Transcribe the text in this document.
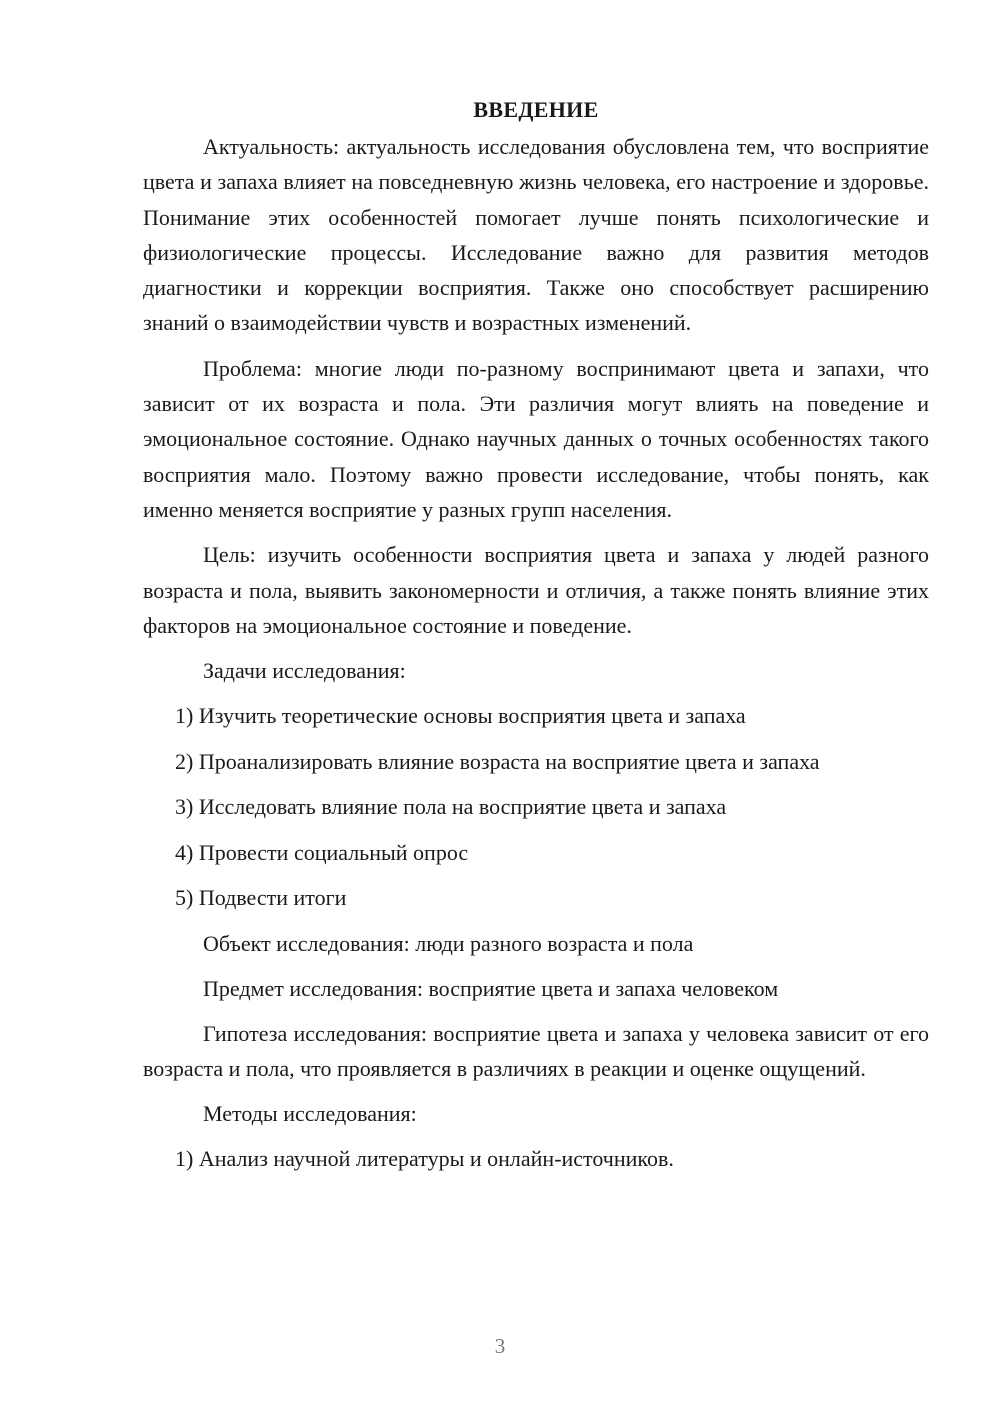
ВВЕДЕНИЕ

Актуальность: актуальность исследования обусловлена тем, что восприятие цвета и запаха влияет на повседневную жизнь человека, его настроение и здоровье. Понимание этих особенностей помогает лучше понять психологические и физиологические процессы. Исследование важно для развития методов диагностики и коррекции восприятия. Также оно способствует расширению знаний о взаимодействии чувств и возрастных изменений.

Проблема: многие люди по-разному воспринимают цвета и запахи, что зависит от их возраста и пола. Эти различия могут влиять на поведение и эмоциональное состояние. Однако научных данных о точных особенностях такого восприятия мало. Поэтому важно провести исследование, чтобы понять, как именно меняется восприятие у разных групп населения.

Цель: изучить особенности восприятия цвета и запаха у людей разного возраста и пола, выявить закономерности и отличия, а также понять влияние этих факторов на эмоциональное состояние и поведение.

Задачи исследования:

1) Изучить теоретические основы восприятия цвета и запаха
2) Проанализировать влияние возраста на восприятие цвета и запаха
3) Исследовать влияние пола на восприятие цвета и запаха
4) Провести социальный опрос
5) Подвести итоги

Объект исследования: люди разного возраста и пола

Предмет исследования: восприятие цвета и запаха человеком

Гипотеза исследования: восприятие цвета и запаха у человека зависит от его возраста и пола, что проявляется в различиях в реакции и оценке ощущений.

Методы исследования:

1) Анализ научной литературы и онлайн-источников.
3
